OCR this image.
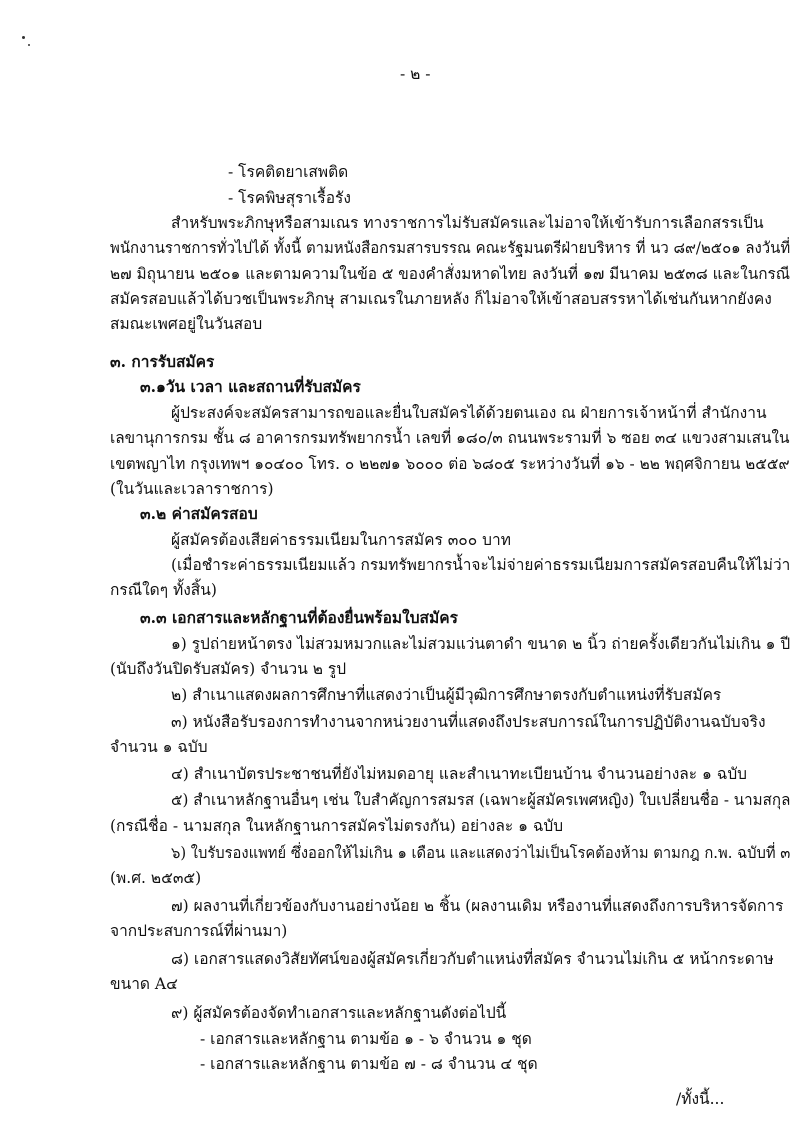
- ๒ -
- โรคติดยาเสพติด
- โรคพิษสุราเรื้อรัง
สำหรับพระภิกษุหรือสามเณร ทางราชการไม่รับสมัครและไม่อาจให้เข้ารับการเลือกสรรเป็น
พนักงานราชการทั่วไปได้ ทั้งนี้ ตามหนังสือกรมสารบรรณ คณะรัฐมนตรีฝ่ายบริหาร ที่ นว ๘๙/๒๕๐๑ ลงวันที่
๒๗ มิถุนายน ๒๕๐๑ และตามความในข้อ ๕ ของคำสั่งมหาดไทย ลงวันที่ ๑๗ มีนาคม ๒๕๓๘ และในกรณี
สมัครสอบแล้วได้บวชเป็นพระภิกษุ สามเณรในภายหลัง ก็ไม่อาจให้เข้าสอบสรรหาได้เช่นกันหากยังคง
สมณะเพศอยู่ในวันสอบ
๓. การรับสมัคร
๓.๑วัน เวลา และสถานที่รับสมัคร
ผู้ประสงค์จะสมัครสามารถขอและยื่นใบสมัครได้ด้วยตนเอง ณ ฝ่ายการเจ้าหน้าที่ สำนักงาน
เลขานุการกรม ชั้น ๘ อาคารกรมทรัพยากรน้ำ เลขที่ ๑๘๐/๓ ถนนพระรามที่ ๖ ซอย ๓๔ แขวงสามเสนใน
เขตพญาไท กรุงเทพฯ ๑๐๔๐๐ โทร. ๐ ๒๒๗๑ ๖๐๐๐ ต่อ ๖๘๐๕ ระหว่างวันที่ ๑๖ - ๒๒ พฤศจิกายน ๒๕๕๙
(ในวันและเวลาราชการ)
๓.๒ ค่าสมัครสอบ
ผู้สมัครต้องเสียค่าธรรมเนียมในการสมัคร ๓๐๐ บาท
(เมื่อชำระค่าธรรมเนียมแล้ว กรมทรัพยากรน้ำจะไม่จ่ายค่าธรรมเนียมการสมัครสอบคืนให้ไม่ว่า
กรณีใดๆ ทั้งสิ้น)
๓.๓ เอกสารและหลักฐานที่ต้องยื่นพร้อมใบสมัคร
๑) รูปถ่ายหน้าตรง ไม่สวมหมวกและไม่สวมแว่นตาดำ ขนาด ๒ นิ้ว ถ่ายครั้งเดียวกันไม่เกิน ๑ ปี
(นับถึงวันปิดรับสมัคร) จำนวน ๒ รูป
๒) สำเนาแสดงผลการศึกษาที่แสดงว่าเป็นผู้มีวุฒิการศึกษาตรงกับตำแหน่งที่รับสมัคร
๓) หนังสือรับรองการทำงานจากหน่วยงานที่แสดงถึงประสบการณ์ในการปฏิบัติงานฉบับจริง
จำนวน ๑ ฉบับ
๔) สำเนาบัตรประชาชนที่ยังไม่หมดอายุ และสำเนาทะเบียนบ้าน จำนวนอย่างละ ๑ ฉบับ
๕) สำเนาหลักฐานอื่นๆ เช่น ใบสำคัญการสมรส (เฉพาะผู้สมัครเพศหญิง) ใบเปลี่ยนชื่อ - นามสกุล
(กรณีชื่อ - นามสกุล ในหลักฐานการสมัครไม่ตรงกัน) อย่างละ ๑ ฉบับ
๖) ใบรับรองแพทย์ ซึ่งออกให้ไม่เกิน ๑ เดือน และแสดงว่าไม่เป็นโรคต้องห้าม ตามกฎ ก.พ. ฉบับที่ ๓
(พ.ศ. ๒๕๓๕)
๗) ผลงานที่เกี่ยวข้องกับงานอย่างน้อย ๒ ชิ้น (ผลงานเดิม หรืองานที่แสดงถึงการบริหารจัดการ
จากประสบการณ์ที่ผ่านมา)
๘) เอกสารแสดงวิสัยทัศน์ของผู้สมัครเกี่ยวกับตำแหน่งที่สมัคร จำนวนไม่เกิน ๕ หน้ากระดาษ
ขนาด A๔
๙) ผู้สมัครต้องจัดทำเอกสารและหลักฐานดังต่อไปนี้
- เอกสารและหลักฐาน ตามข้อ ๑ - ๖ จำนวน ๑ ชุด
- เอกสารและหลักฐาน ตามข้อ ๗ - ๘ จำนวน ๔ ชุด
/ทั้งนี้...
